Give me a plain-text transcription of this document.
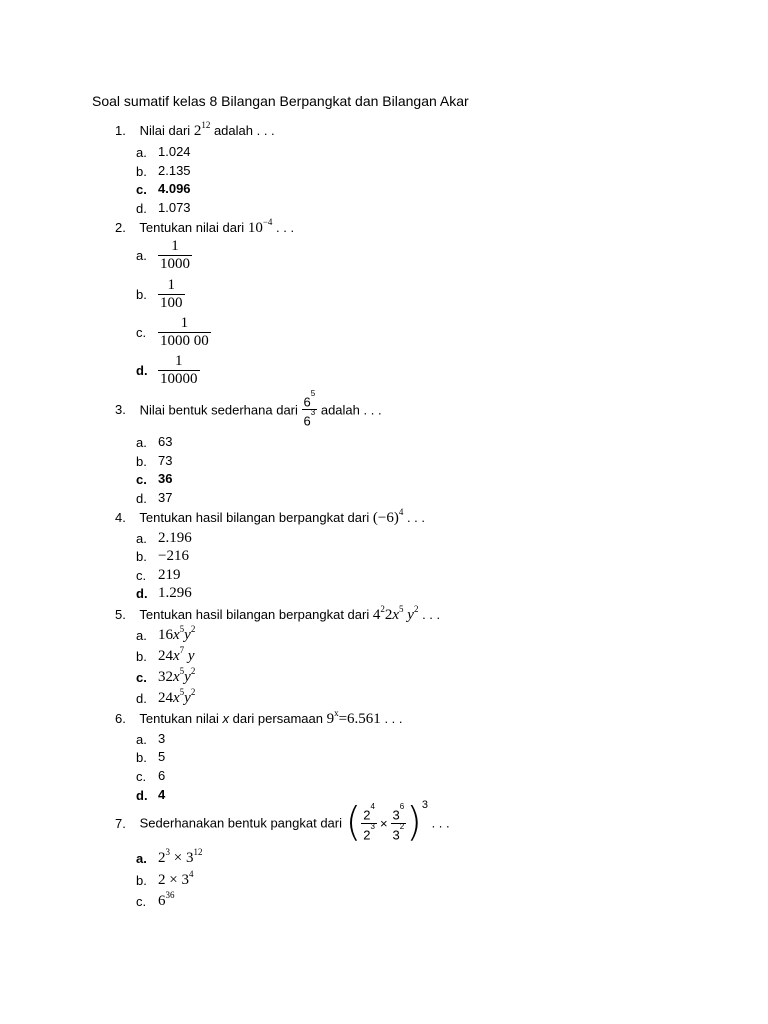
Soal sumatif kelas 8 Bilangan Berpangkat dan Bilangan Akar
1. Nilai dari $2^{12}$ adalah . . .
a. 1.024
b. 2.135
c. 4.096
d. 1.073
2. Tentukan nilai dari $10^{-4}$ . . .
a. $\frac{1}{1000}$
b. $\frac{1}{100}$
c. $\frac{1}{1000 00}$
d. $\frac{1}{10000}$
3. Nilai bentuk sederhana dari $\frac{6^5}{6^3}$ adalah . . .
a. 63
b. 73
c. 36
d. 37
4. Tentukan hasil bilangan berpangkat dari $(-6)^4$ . . .
a. 2.196
b. −216
c. 219
d. 1.296
5. Tentukan hasil bilangan berpangkat dari $4^22x^5$ $y^2$ . . .
a. $16x^5y^2$
b. $24x^7$ y
c. $32x^5y^2$
d. $24x^5y^2$
6. Tentukan nilai x dari persamaan $9^x=6.561$ . . .
a. 3
b. 5
c. 6
d. 4
7. Sederhanakan bentuk pangkat dari ( $\frac{2^4}{2^3} \times \frac{3^6}{3^2} )^3$ . . .
a. $2^3 \times 3^{12}$
b. $2 \times 3^4$
c. $6^{36}$
